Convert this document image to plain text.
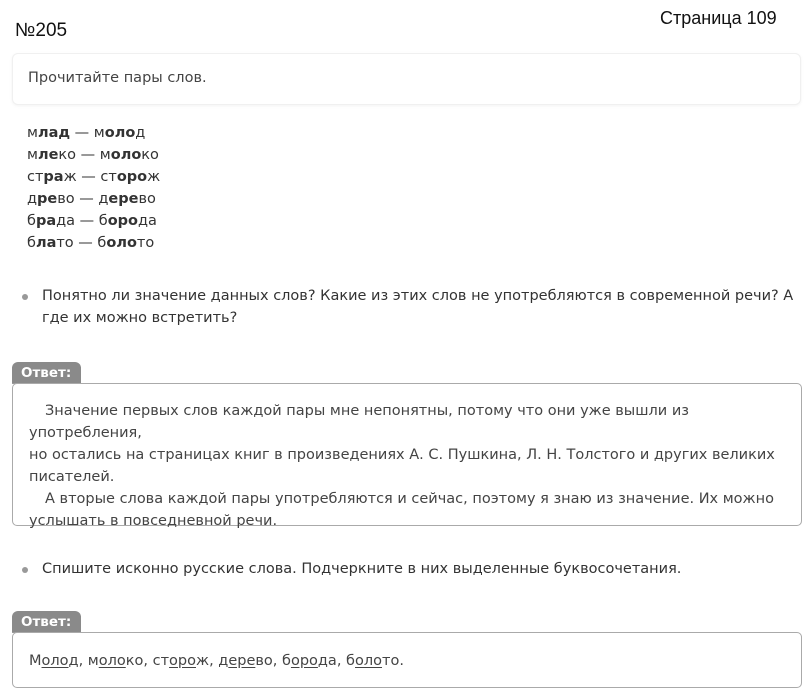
№205
Страница 109
Прочитайте пары слов.
млад — молод
млеко — молоко
страж — сторож
древо — дерево
брада — борода
блато — болото
Понятно ли значение данных слов? Какие из этих слов не употребляются в современной речи? А
где их можно встретить?
Ответ:

Значение первых слов каждой пары мне непонятны, потому что они уже вышли из употребления,

но остались на страницах книг в произведениях А. С. Пушкина, Л. Н. Толстого и других великих

писателей.

А вторые слова каждой пары употребляются и сейчас, поэтому я знаю из значение. Их можно

услышать в повседневной речи.

Спишите исконно русские слова. Подчеркните в них выделенные буквосочетания.
Ответ:

Молод, молоко, сторож, дерево, борода, болото.
